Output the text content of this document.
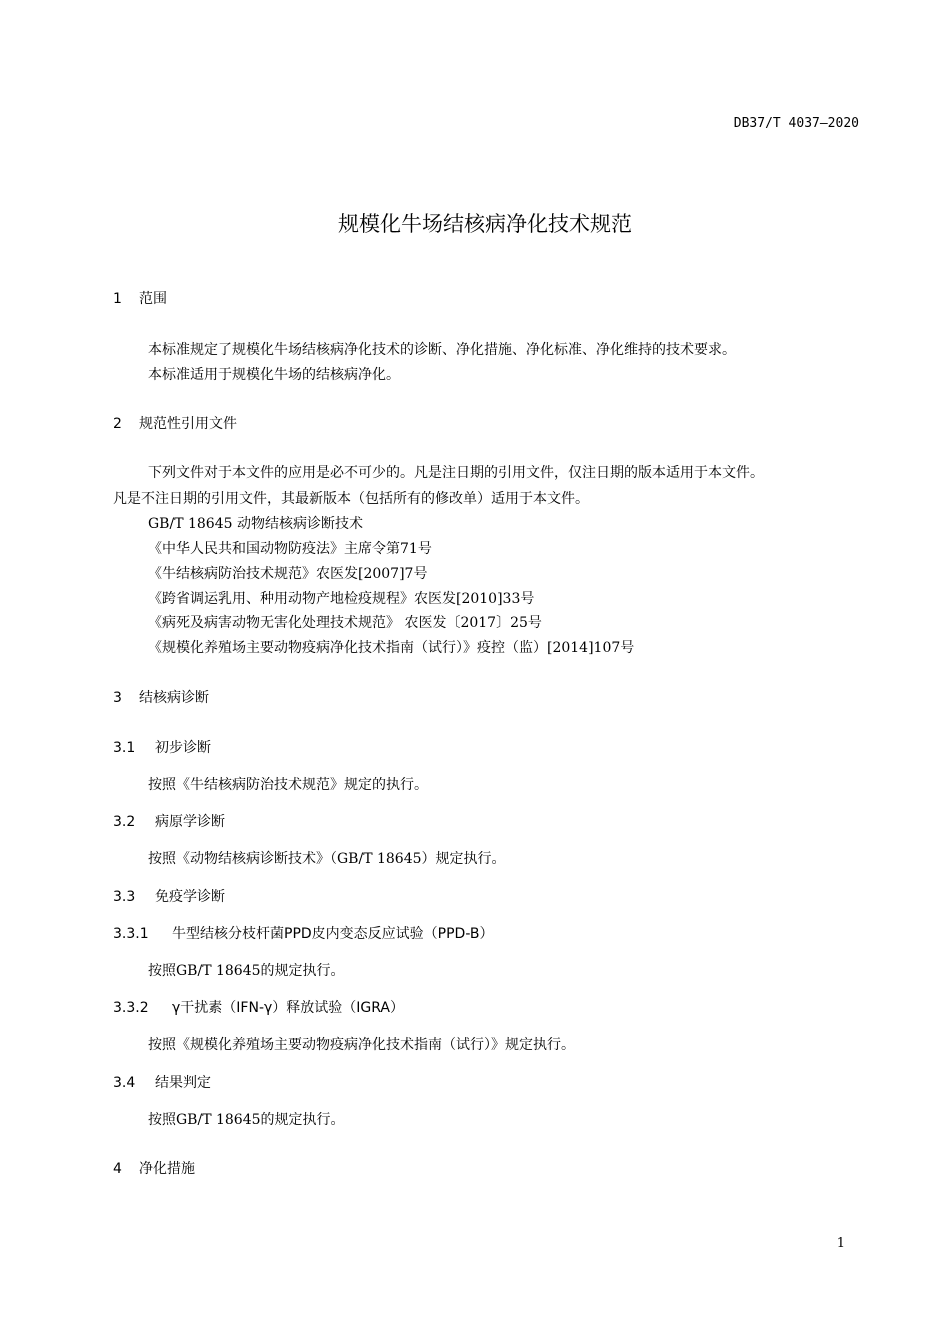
DB37/T 4037—2020
规模化牛场结核病净化技术规范
1 范围
本标准规定了规模化牛场结核病净化技术的诊断、净化措施、净化标准、净化维持的技术要求。
本标准适用于规模化牛场的结核病净化。
2 规范性引用文件
下列文件对于本文件的应用是必不可少的。凡是注日期的引用文件，仅注日期的版本适用于本文件。
凡是不注日期的引用文件，其最新版本（包括所有的修改单）适用于本文件。
GB/T 18645 动物结核病诊断技术
《中华人民共和国动物防疫法》主席令第71号
《牛结核病防治技术规范》农医发[2007]7号
《跨省调运乳用、种用动物产地检疫规程》农医发[2010]33号
《病死及病害动物无害化处理技术规范》 农医发〔2017〕25号
《规模化养殖场主要动物疫病净化技术指南（试行）》疫控（监）[2014]107号
3 结核病诊断
3.1 初步诊断
按照《牛结核病防治技术规范》规定的执行。
3.2 病原学诊断
按照《动物结核病诊断技术》（GB/T 18645）规定执行。
3.3 免疫学诊断
3.3.1 牛型结核分枝杆菌PPD皮内变态反应试验（PPD-B）
按照GB/T 18645的规定执行。
3.3.2 γ干扰素（IFN-γ）释放试验（IGRA）
按照《规模化养殖场主要动物疫病净化技术指南（试行）》规定执行。
3.4 结果判定
按照GB/T 18645的规定执行。
4 净化措施
1
